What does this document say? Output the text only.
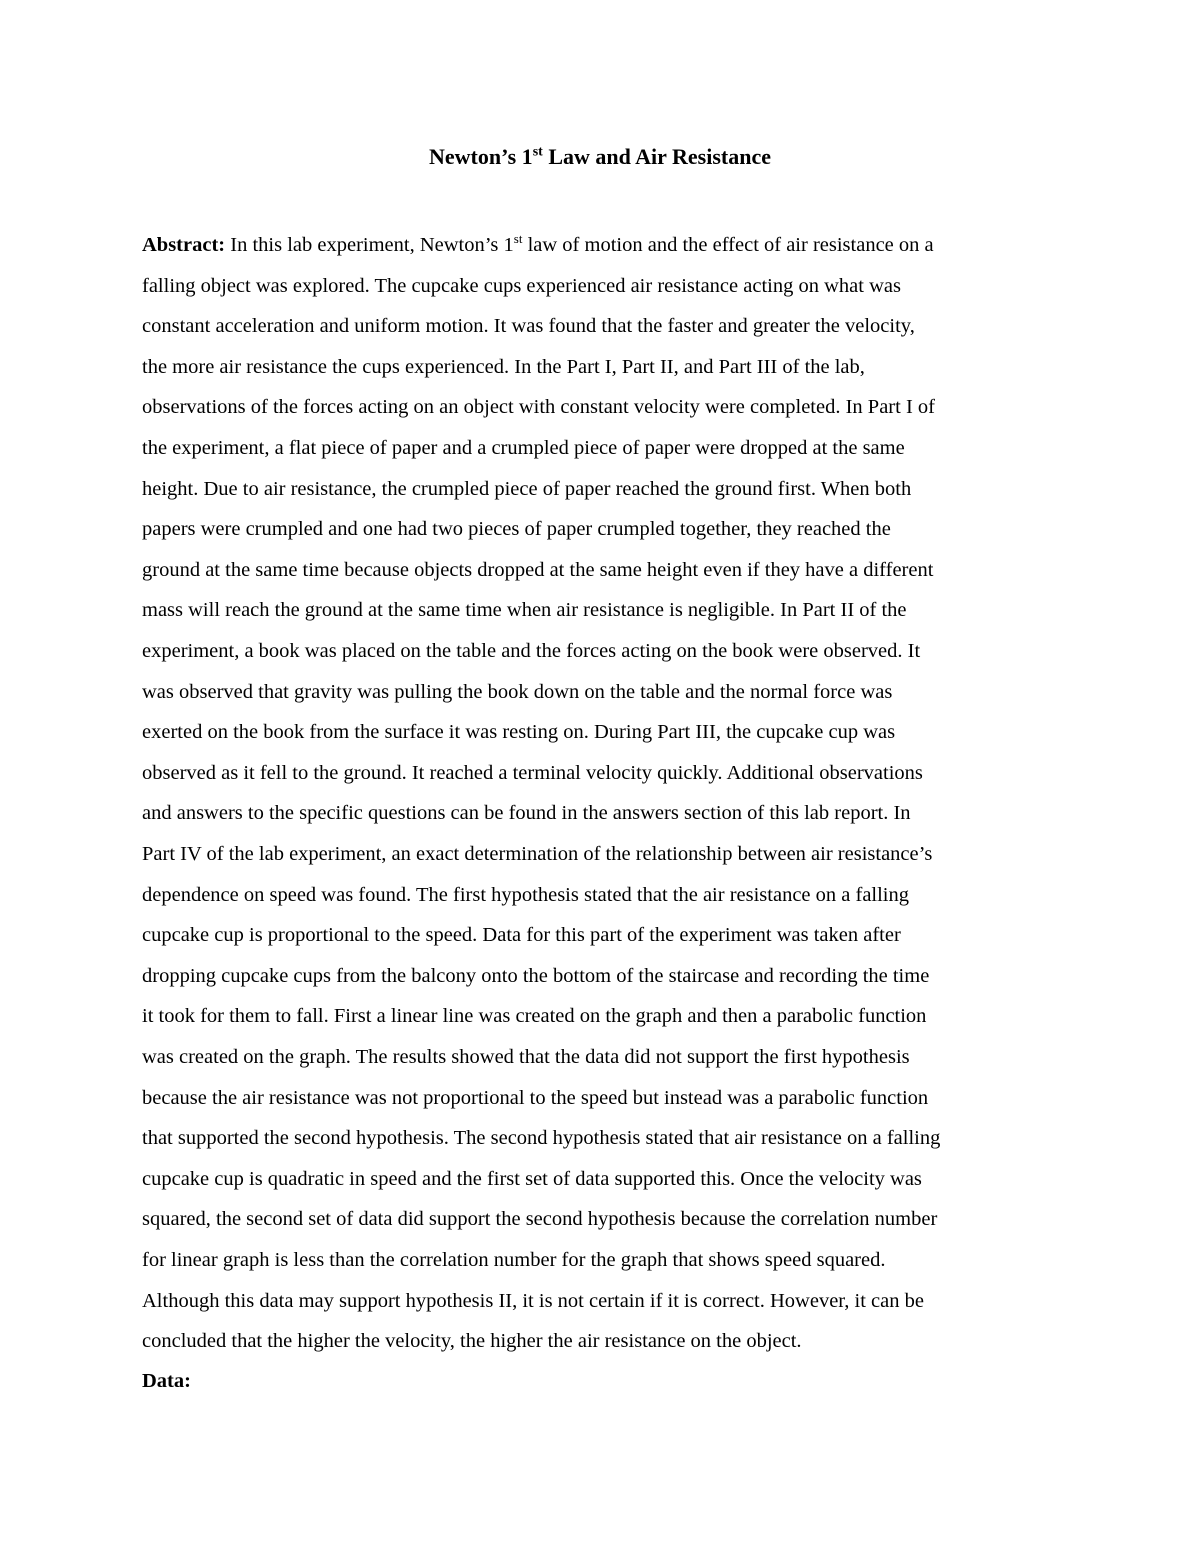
Newton’s 1st Law and Air Resistance
Abstract: In this lab experiment, Newton’s 1st law of motion and the effect of air resistance on a
falling object was explored. The cupcake cups experienced air resistance acting on what was
constant acceleration and uniform motion. It was found that the faster and greater the velocity,
the more air resistance the cups experienced. In the Part I, Part II, and Part III of the lab,
observations of the forces acting on an object with constant velocity were completed. In Part I of
the experiment, a flat piece of paper and a crumpled piece of paper were dropped at the same
height. Due to air resistance, the crumpled piece of paper reached the ground first. When both
papers were crumpled and one had two pieces of paper crumpled together, they reached the
ground at the same time because objects dropped at the same height even if they have a different
mass will reach the ground at the same time when air resistance is negligible. In Part II of the
experiment, a book was placed on the table and the forces acting on the book were observed. It
was observed that gravity was pulling the book down on the table and the normal force was
exerted on the book from the surface it was resting on. During Part III, the cupcake cup was
observed as it fell to the ground. It reached a terminal velocity quickly. Additional observations
and answers to the specific questions can be found in the answers section of this lab report. In
Part IV of the lab experiment, an exact determination of the relationship between air resistance’s
dependence on speed was found. The first hypothesis stated that the air resistance on a falling
cupcake cup is proportional to the speed. Data for this part of the experiment was taken after
dropping cupcake cups from the balcony onto the bottom of the staircase and recording the time
it took for them to fall. First a linear line was created on the graph and then a parabolic function
was created on the graph. The results showed that the data did not support the first hypothesis
because the air resistance was not proportional to the speed but instead was a parabolic function
that supported the second hypothesis. The second hypothesis stated that air resistance on a falling
cupcake cup is quadratic in speed and the first set of data supported this. Once the velocity was
squared, the second set of data did support the second hypothesis because the correlation number
for linear graph is less than the correlation number for the graph that shows speed squared.
Although this data may support hypothesis II, it is not certain if it is correct. However, it can be
concluded that the higher the velocity, the higher the air resistance on the object.
Data:
